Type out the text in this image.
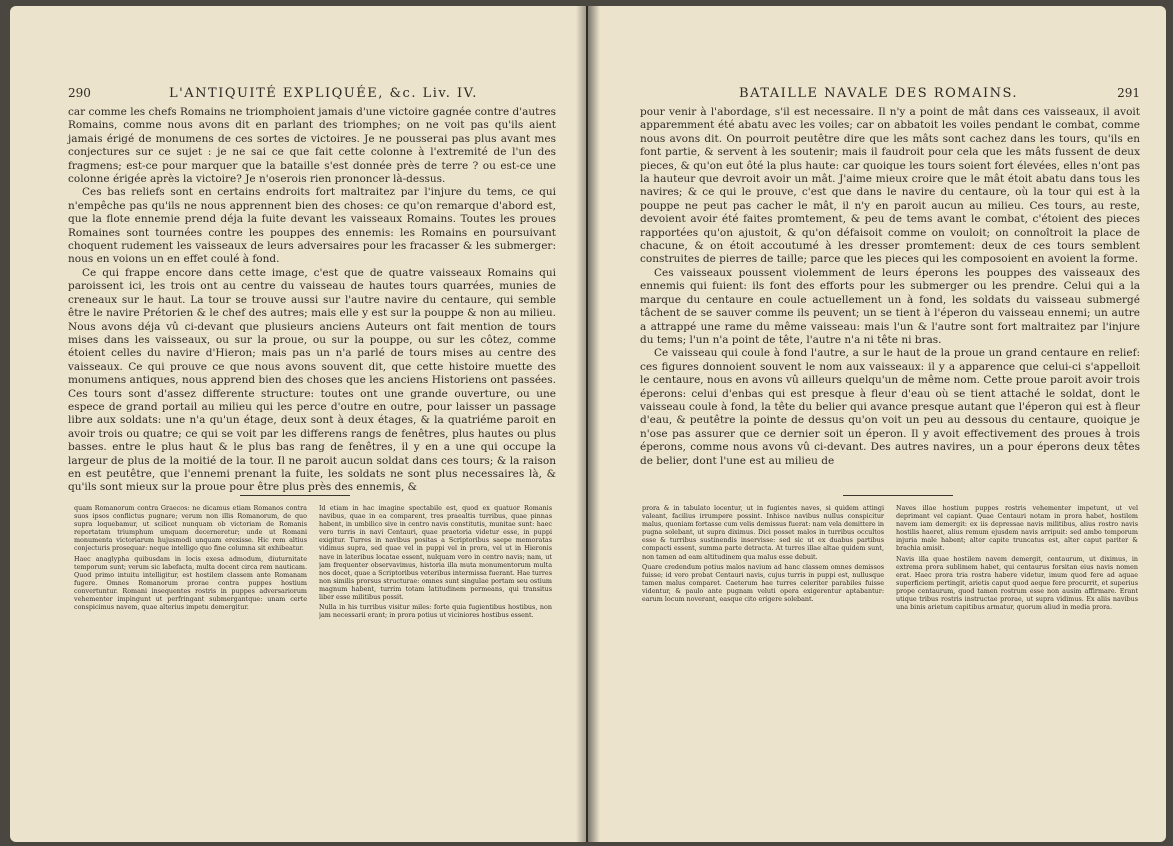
290	L'ANTIQUITÉ EXPLIQUÉE, &c. Liv. IV.

car comme les chefs Romains ne triomphoient jamais d'une victoire gagnée contre d'autres Romains, comme nous avons dit en parlant des triomphes; on ne voit pas qu'ils aient jamais érigé de monumens de ces sortes de victoires. Je ne pousserai pas plus avant mes conjectures sur ce sujet : je ne sai ce que fait cette colonne à l'extremité de l'un des fragmens; est-ce pour marquer que la bataille s'est donnée près de terre ? ou est-ce une colonne érigée après la victoire? Je n'oserois rien prononcer là-dessus.

Ces bas reliefs sont en certains endroits fort maltraitez par l'injure du tems, ce qui n'empêche pas qu'ils ne nous apprennent bien des choses: ce qu'on remarque d'abord est, que la flote ennemie prend déja la fuite devant les vaisseaux Romains. Toutes les proues Romaines sont tournées contre les pouppes des ennemis: les Romains en poursuivant choquent rudement les vaisseaux de leurs adversaires pour les fracasser & les submerger: nous en voions un en effet coulé à fond.

Ce qui frappe encore dans cette image, c'est que de quatre vaisseaux Romains qui paroissent ici, les trois ont au centre du vaisseau de hautes tours quarrées, munies de creneaux sur le haut. La tour se trouve aussi sur l'autre navire du centaure, qui semble être le navire Prétorien & le chef des autres; mais elle y est sur la pouppe & non au milieu. Nous avons déja vû ci-devant que plusieurs anciens Auteurs ont fait mention de tours mises dans les vaisseaux, ou sur la proue, ou sur la pouppe, ou sur les côtez, comme étoient celles du navire d'Hieron; mais pas un n'a parlé de tours mises au centre des vaisseaux. Ce qui prouve ce que nous avons souvent dit, que cette histoire muette des monumens antiques, nous apprend bien des choses que les anciens Historiens ont passées. Ces tours sont d'assez differente structure: toutes ont une grande ouverture, ou une espece de grand portail au milieu qui les perce d'outre en outre, pour laisser un passage libre aux soldats: une n'a qu'un étage, deux sont à deux étages, & la quatriéme paroit en avoir trois ou quatre; ce qui se voit par les differens rangs de fenêtres, plus hautes ou plus basses. entre le plus haut & le plus bas rang de fenêtres, il y en a une qui occupe la largeur de plus de la moitié de la tour. Il ne paroit aucun soldat dans ces tours; & la raison en est peutêtre, que l'ennemi prenant la fuite, les soldats ne sont plus necessaires là, & qu'ils sont mieux sur la proue pour être plus près des ennemis, &

quam Romanorum contra Graecos: ne dicamus etiam Romanos contra suos ipsos conflictus pugnare; verum non illis Romanorum, de quo supra loquebamur, ut scilicet nunquam ob victoriam de Romanis reportatam triumphum umquam decerneretur; unde ut Romani monumenta victoriarum hujusmodi unquam erexisse. Hic rem altius conjecturis prosequar: neque intelligo quo fine columna sit exhibeatur.

Haec anaglypha quibusdam in locis exesa admodum, diuturnitate temporum sunt; verum sic labefacta, multa docent circa rem nauticam. Quod primo intuitu intelligitur, est hostilem classem ante Romanam fugere. Omnes Romanorum prorae contra puppes hostium convertuntur. Romani insequentes rostris in puppes adversariorum vehementer impingunt ut perfringant submergantque: unam certe conspicimus navem, quae alterius impetu demergitur.

Id etiam in hac imagine spectabile est, quod ex quatuor Romanis navibus, quae in ea comparent, tres praealtis turribus, quae pinnas habent, in umbilico sive in centro navis constitutis, munitae sunt: haec vero turris in navi Centauri, quae praetoria videtur esse, in puppi exigitur. Turres in navibus positas a Scriptoribus saepe memoratas vidimus supra, sed quae vel in puppi vel in prora, vel ut in Hieronis nave in lateribus locatae essent, nulquam vero in centro navis; nam, ut jam frequenter observavimus, historia illa muta monumentorum multa nos docet, quae a Scriptoribus veteribus intermissa fuerant. Hae turres non similis prorsus structurae: omnes sunt singulae portam seu ostium magnum habent, turrim totam latitudinem permeans, qui transitus liber esse militibus possit.

Nulla in his turribus visitur miles: forte quia fugientibus hostibus, non jam necessarii erant; in prora potius ut viciniores hostibus essent.

BATAILLE NAVALE DES ROMAINS.	291

pour venir à l'abordage, s'il est necessaire. Il n'y a point de mât dans ces vaisseaux, il avoit apparemment été abatu avec les voiles; car on abbatoit les voiles pendant le combat, comme nous avons dit. On pourroit peutêtre dire que les mâts sont cachez dans les tours, qu'ils en font partie, & servent à les soutenir; mais il faudroit pour cela que les mâts fussent de deux pieces, & qu'on eut ôté la plus haute: car quoique les tours soient fort élevées, elles n'ont pas la hauteur que devroit avoir un mât. J'aime mieux croire que le mât étoit abatu dans tous les navires; & ce qui le prouve, c'est que dans le navire du centaure, où la tour qui est à la pouppe ne peut pas cacher le mât, il n'y en paroit aucun au milieu. Ces tours, au reste, devoient avoir été faites promtement, & peu de tems avant le combat, c'étoient des pieces rapportées qu'on ajustoit, & qu'on défaisoit comme on vouloit; on connoîtroit la place de chacune, & on étoit accoutumé à les dresser promtement: deux de ces tours semblent construites de pierres de taille; parce que les pieces qui les composoient en avoient la forme.

Ces vaisseaux poussent violemment de leurs éperons les pouppes des vaisseaux des ennemis qui fuient: ils font des efforts pour les submerger ou les prendre. Celui qui a la marque du centaure en coule actuellement un à fond, les soldats du vaisseau submergé tâchent de se sauver comme ils peuvent; un se tient à l'éperon du vaisseau ennemi; un autre a attrappé une rame du même vaisseau: mais l'un & l'autre sont fort maltraitez par l'injure du tems; l'un n'a point de tête, l'autre n'a ni tête ni bras.

Ce vaisseau qui coule à fond l'autre, a sur le haut de la proue un grand centaure en relief: ces figures donnoient souvent le nom aux vaisseaux: il y a apparence que celui-ci s'appelloit le centaure, nous en avons vû ailleurs quelqu'un de même nom. Cette proue paroit avoir trois éperons: celui d'enbas qui est presque à fleur d'eau où se tient attaché le soldat, dont le vaisseau coule à fond, la tête du belier qui avance presque autant que l'éperon qui est à fleur d'eau, & peutêtre la pointe de dessus qu'on voit un peu au dessous du centaure, quoique je n'ose pas assurer que ce dernier soit un éperon. Il y avoit effectivement des proues à trois éperons, comme nous avons vû ci-devant. Des autres navires, un a pour éperons deux têtes de belier, dont l'une est au milieu de

prora & in tabulato locentur, ut in fugientes naves, si quidem attingi valeant, facilius irrumpere possint. Inhisce navibus nullus conspicitur malus, quoniam fortasse cum velis demissus fuerat: nam vela demittere in pugna solebant, ut supra diximus. Dici posset malos in turribus occultos esse & turribus sustinendis inservisse: sed sic ut ex duabus partibus compacti essent, summa parte detracta. At turres illae altae quidem sunt, non tamen ad eam altitudinem qua malus esse debuit.

Quare credendum potius malos navium ad hanc classem omnes demissos fuisse; id vero probat Centauri navis, cujus turris in puppi est, nullusque tamen malus comparet. Caeterum hae turres celeriter parabiles fuisse videntur, & paulo ante pugnam veluti opera exigerentur aptabantur: earum locum noverant, easque cito erigere solebant.

Naves illae hostium puppes rostris vehementer impetunt, ut vel deprimant vel capiant. Quae Centauri notam in prora habet, hostilem navem iam demergit: ex iis depressae navis militibus, alius rostro navis hostilis haeret, alius remum ejusdem navis arripuit: sed ambo temporum injuria male habent; alter capite truncatus est, alter caput pariter & brachia amisit.

Navis illa quae hostilem navem demergit, centaurum, ut diximus, in extrema prora sublimem habet, qui centaurus forsitan eius navis nomen erat. Haec prora tria rostra habere videtur, imum quod fere ad aquae superficiem pertingit, arietis caput quod aeque fere procurrit, et superius prope centaurum, quod tamen rostrum esse non ausim affirmare. Erant utique tribus rostris instructae prorae, ut supra vidimus. Ex aliis navibus una binis arietum capitibus armatur, quorum aliud in media prora.
